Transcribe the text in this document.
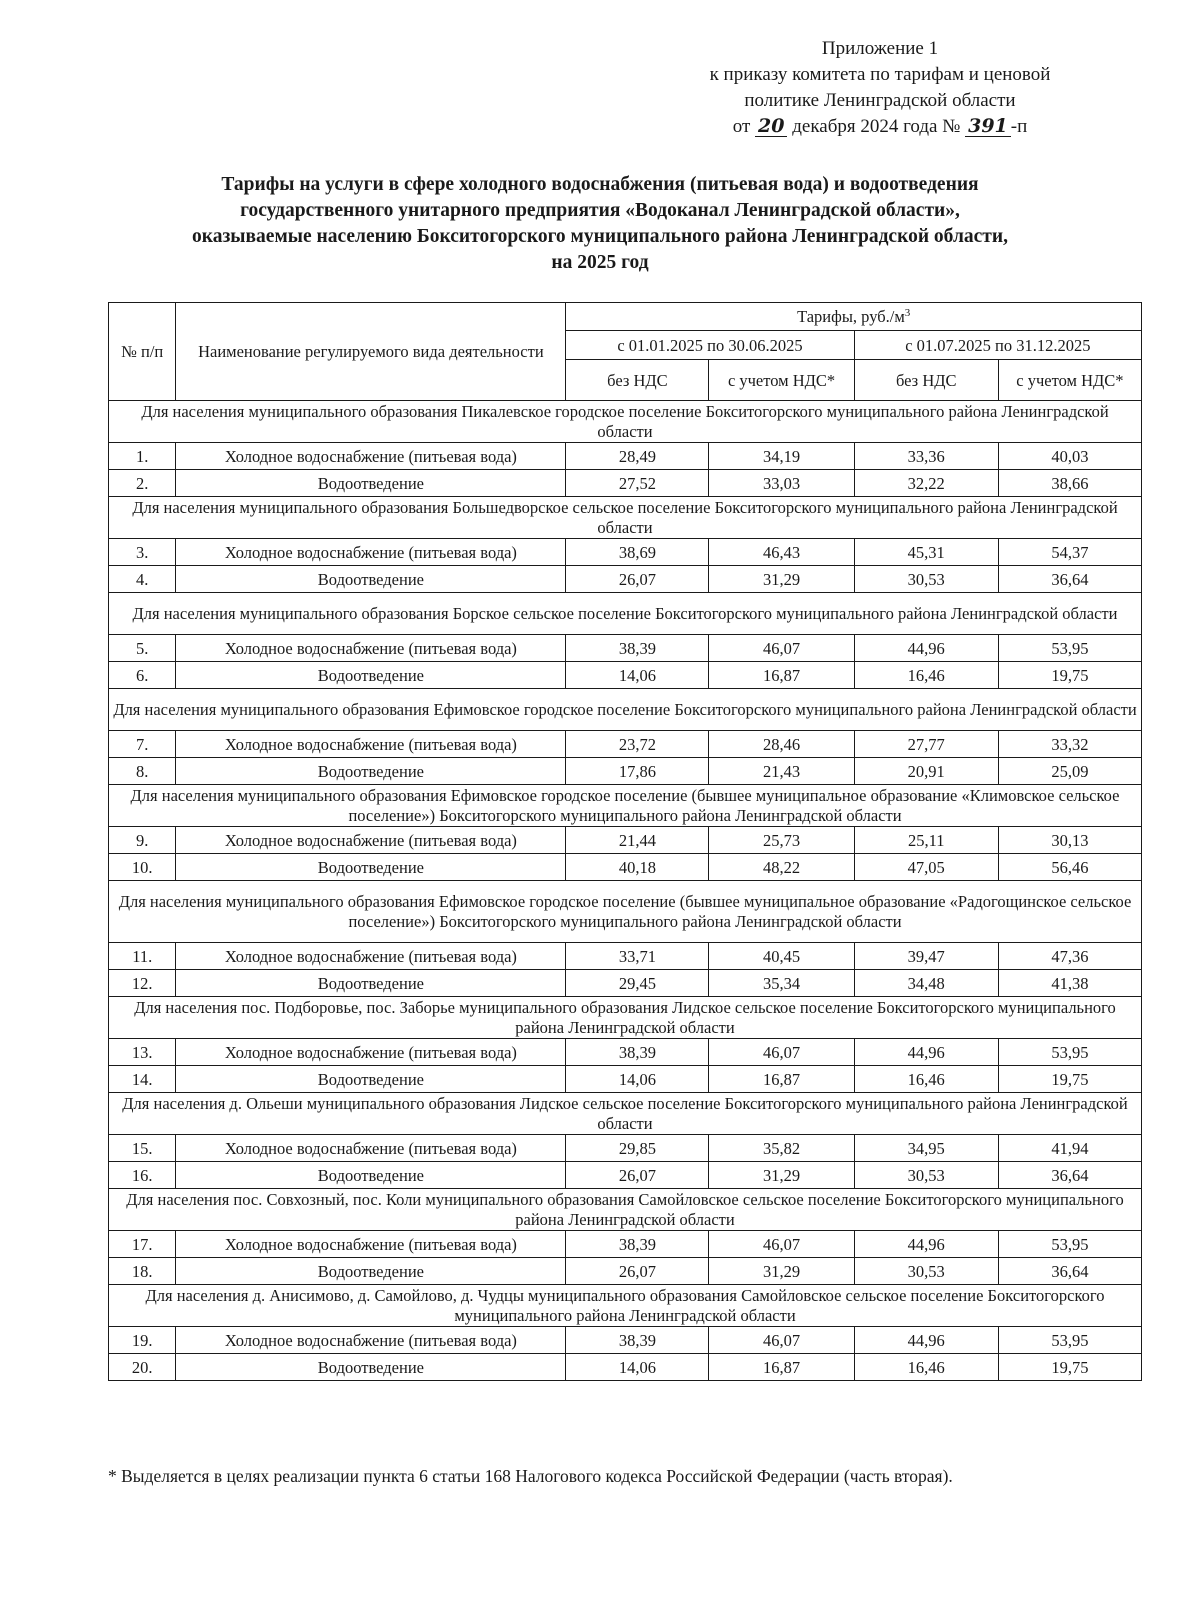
Приложение 1
к приказу комитета по тарифам и ценовой
политике Ленинградской области
от 20 декабря 2024 года № 391 -п
Тарифы на услуги в сфере холодного водоснабжения (питьевая вода) и водоотведения
государственного унитарного предприятия «Водоканал Ленинградской области»,
оказываемые населению Бокситогорского муниципального района Ленинградской области,
на 2025 год
№ п/п	Наименование регулируемого вида деятельности	Тарифы, $руб./м^3$
		с 01.01.2025 по 30.06.2025		с 01.07.2025 по 31.12.2025	
		без НДС	с учетом НДС*	без НДС	с учетом НДС*
Для населения муниципального образования Пикалевское городское поселение Бокситогорского муниципального района Ленинградской области					
1.	Холодное водоснабжение (питьевая вода)	28,49	34,19	33,36	40,03
2.	Водоотведение	27,52	33,03	32,22	38,66
Для населения муниципального образования Большедворское сельское поселение Бокситогорского муниципального района Ленинградской области					
3.	Холодное водоснабжение (питьевая вода)	38,69	46,43	45,31	54,37
4.	Водоотведение	26,07	31,29	30,53	36,64
Для населения муниципального образования Борское сельское поселение Бокситогорского муниципального района Ленинградской области					
5.	Холодное водоснабжение (питьевая вода)	38,39	46,07	44,96	53,95
6.	Водоотведение	14,06	16,87	16,46	19,75
Для населения муниципального образования Ефимовское городское поселение Бокситогорского муниципального района Ленинградской области					
7.	Холодное водоснабжение (питьевая вода)	23,72	28,46	27,77	33,32
8.	Водоотведение	17,86	21,43	20,91	25,09
Для населения муниципального образования Ефимовское городское поселение (бывшее муниципальное образование «Климовское сельское поселение») Бокситогорского муниципального района Ленинградской области					
9.	Холодное водоснабжение (питьевая вода)	21,44	25,73	25,11	30,13
10.	Водоотведение	40,18	48,22	47,05	56,46
Для населения муниципального образования Ефимовское городское поселение (бывшее муниципальное образование «Радогощинское сельское поселение») Бокситогорского муниципального района Ленинградской области					
11.	Холодное водоснабжение (питьевая вода)	33,71	40,45	39,47	47,36
12.	Водоотведение	29,45	35,34	34,48	41,38
Для населения пос. Подборовье, пос. Заборье муниципального образования Лидское сельское поселение Бокситогорского муниципального района Ленинградской области					
13.	Холодное водоснабжение (питьевая вода)	38,39	46,07	44,96	53,95
14.	Водоотведение	14,06	16,87	16,46	19,75
Для населения д. Ольеши муниципального образования Лидское сельское поселение Бокситогорского муниципального района Ленинградской области					
15.	Холодное водоснабжение (питьевая вода)	29,85	35,82	34,95	41,94
16.	Водоотведение	26,07	31,29	30,53	36,64
Для населения пос. Совхозный, пос. Коли муниципального образования Самойловское сельское поселение Бокситогорского муниципального района Ленинградской области					
17.	Холодное водоснабжение (питьевая вода)	38,39	46,07	44,96	53,95
18.	Водоотведение	26,07	31,29	30,53	36,64
Для населения д. Анисимово, д. Самойлово, д. Чудцы муниципального образования Самойловское сельское поселение Бокситогорского муниципального района Ленинградской области					
19.	Холодное водоснабжение (питьевая вода)	38,39	46,07	44,96	53,95
20.	Водоотведение	14,06	16,87	16,46	19,75
* Выделяется в целях реализации пункта 6 статьи 168 Налогового кодекса Российской Федерации (часть вторая).
